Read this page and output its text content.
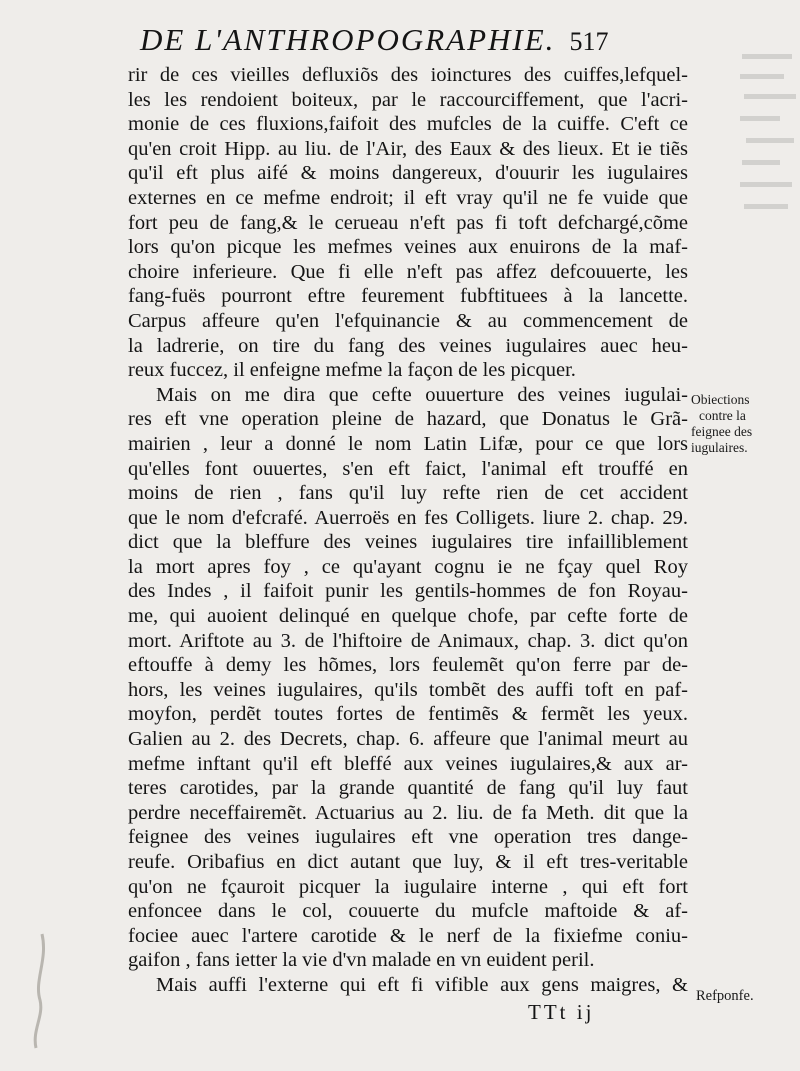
DE L'ANTHROPOGRAPHIE. 517
rir de ces vieilles defluxiõs des ioinctures des cuiffes,lefquel-
les les rendoient boiteux, par le raccourciffement, que l'acri-
monie de ces fluxions,faifoit des mufcles de la cuiffe. C'eft ce
qu'en croit Hipp. au liu. de l'Air, des Eaux & des lieux. Et ie tiẽs
qu'il eft plus aifé & moins dangereux, d'ouurir les iugulaires
externes en ce mefme endroit; il eft vray qu'il ne fe vuide que
fort peu de fang,& le cerueau n'eft pas fi toft defchargé,cõme
lors qu'on picque les mefmes veines aux enuirons de la maf-
choire inferieure. Que fi elle n'eft pas affez defcouuerte, les
fang-fuës pourront eftre feurement fubftituees à la lancette.
Carpus affeure qu'en l'efquinancie & au commencement de
la ladrerie, on tire du fang des veines iugulaires auec heu-
reux fuccez, il enfeigne mefme la façon de les picquer.
Mais on me dira que cefte ouuerture des veines iugulai-
res eft vne operation pleine de hazard, que Donatus le Grã-
mairien , leur a donné le nom Latin Lifæ, pour ce que lors
qu'elles font ouuertes, s'en eft faict, l'animal eft trouffé en
moins de rien , fans qu'il luy refte rien de cet accident
que le nom d'efcrafé. Auerroës en fes Colligets. liure 2. chap. 29.
dict que la bleffure des veines iugulaires tire infailliblement
la mort apres foy , ce qu'ayant cognu ie ne fçay quel Roy
des Indes , il faifoit punir les gentils-hommes de fon Royau-
me, qui auoient delinqué en quelque chofe, par cefte forte de
mort. Ariftote au 3. de l'hiftoire de Animaux, chap. 3. dict qu'on
eftouffe à demy les hõmes, lors feulemẽt qu'on ferre par de-
hors, les veines iugulaires, qu'ils tombẽt des auffi toft en paf-
moyfon, perdẽt toutes fortes de fentimẽs & fermẽt les yeux.
Galien au 2. des Decrets, chap. 6. affeure que l'animal meurt au
mefme inftant qu'il eft bleffé aux veines iugulaires,& aux ar-
teres carotides, par la grande quantité de fang qu'il luy faut
perdre neceffairemẽt. Actuarius au 2. liu. de fa Meth. dit que la
feignee des veines iugulaires eft vne operation tres dange-
reufe. Oribafius en dict autant que luy, & il eft tres-veritable
qu'on ne fçauroit picquer la iugulaire interne , qui eft fort
enfoncee dans le col, couuerte du mufcle maftoide & af-
fociee auec l'artere carotide & le nerf de la fixiefme coniu-
gaifon , fans ietter la vie d'vn malade en vn euident peril.
Mais auffi l'externe qui eft fi vifible aux gens maigres, &
Obiections
contre la
feignee des
iugulaires.
Refponfe.
TTt ij
